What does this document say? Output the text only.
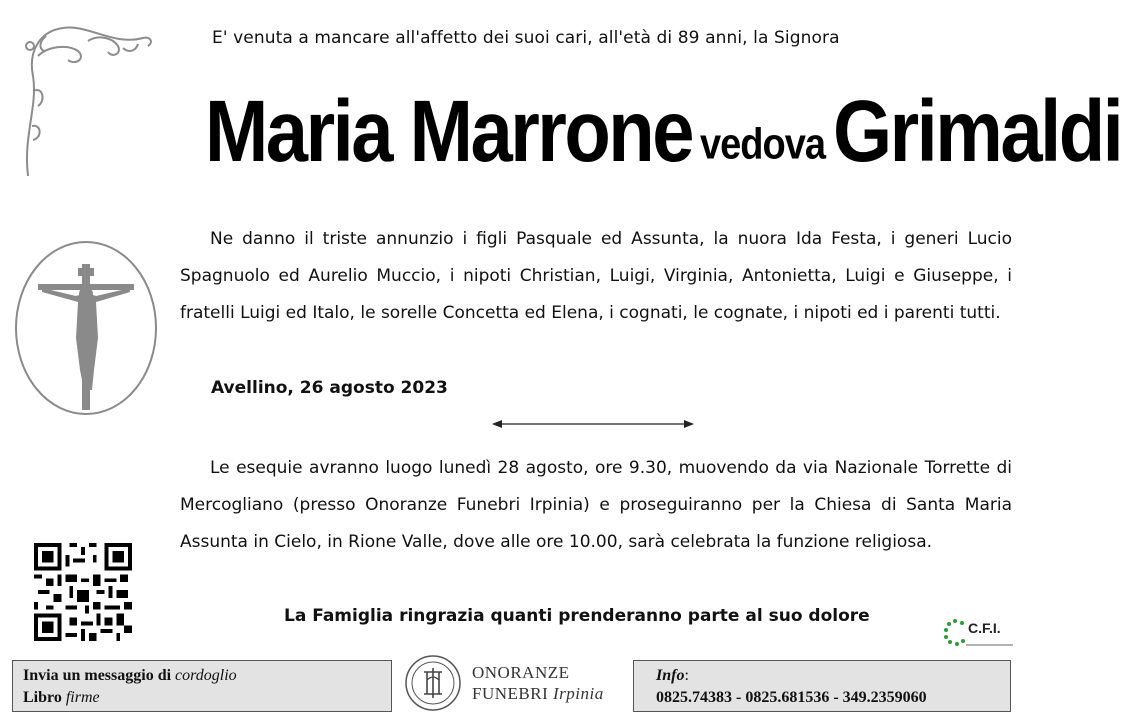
E' venuta a mancare all'affetto dei suoi cari, all'età di 89 anni, la Signora
Maria Marrone vedova Grimaldi
Ne danno il triste annunzio i figli Pasquale ed Assunta, la nuora Ida Festa, i generi Lucio Spagnuolo ed Aurelio Muccio, i nipoti Christian, Luigi, Virginia, Antonietta, Luigi e Giuseppe, i fratelli Luigi ed Italo, le sorelle Concetta ed Elena, i cognati, le cognate, i nipoti ed i parenti tutti.
Avellino, 26 agosto 2023
Le esequie avranno luogo lunedì 28 agosto, ore 9.30, muovendo da via Nazionale Torrette di Mercogliano (presso Onoranze Funebri Irpinia) e proseguiranno per la Chiesa di Santa Maria Assunta in Cielo, in Rione Valle, dove alle ore 10.00, sarà celebrata la funzione religiosa.
La Famiglia ringrazia quanti prenderanno parte al suo dolore
C.F.I.
Invia un messaggio di cordoglio
Libro firme
ONORANZE
FUNEBRI Irpinia
Info:
0825.74383 - 0825.681536 - 349.2359060
